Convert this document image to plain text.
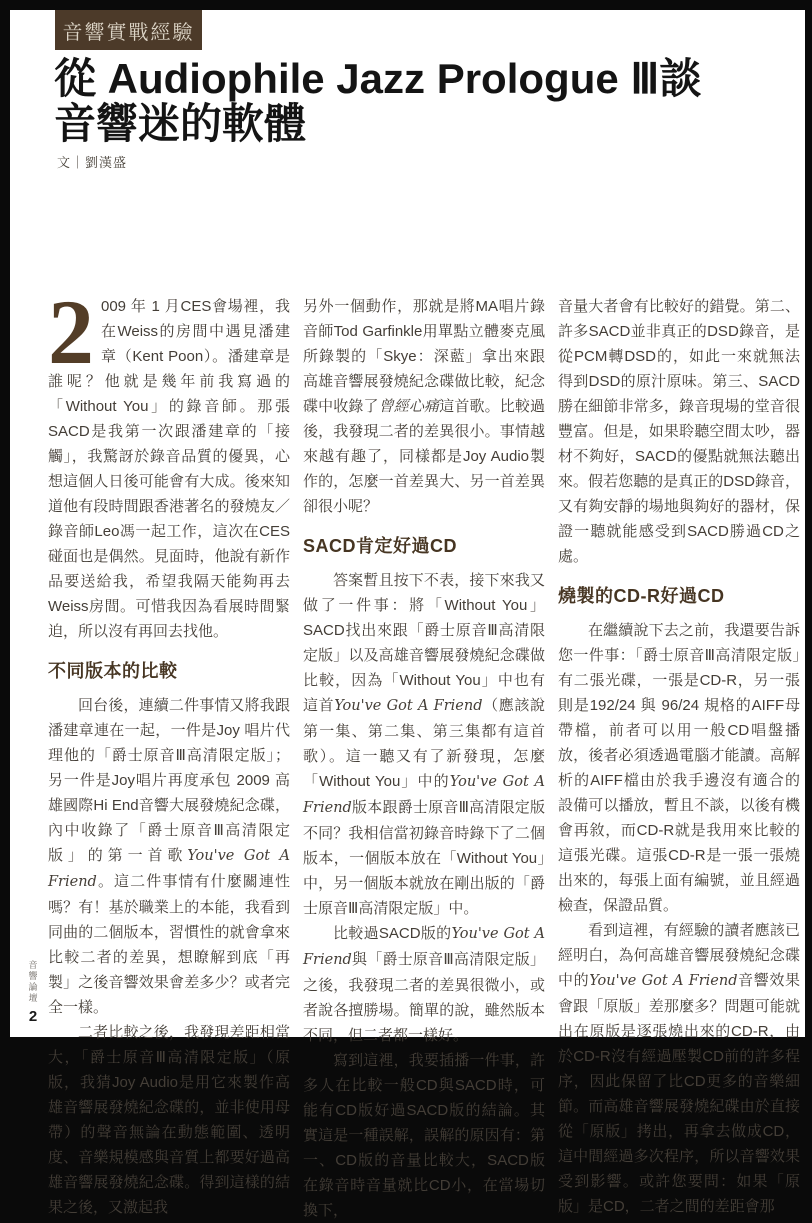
音響實戰經驗
從 Audiophile Jazz Prologue Ⅲ談
音響迷的軟體
文｜劉漢盛

2 009 年 1 月CES會場裡，我在Weiss的房間中遇見潘建章（Kent Poon）。潘建章是誰呢？他就是幾年前我寫過的「Without You」的錄音師。那張SACD是我第一次跟潘建章的「接觸」，我驚訝於錄音品質的優異，心想這個人日後可能會有大成。後來知道他有段時間跟香港著名的發燒友／錄音師Leo馮一起工作，這次在CES碰面也是偶然。見面時，他說有新作品要送給我，希望我隔天能夠再去Weiss房間。可惜我因為看展時間緊迫，所以沒有再回去找他。

不同版本的比較

回台後，連續二件事情又將我跟潘建章連在一起，一件是Joy 唱片代理他的「爵士原音Ⅲ高清限定版」；另一件是Joy唱片再度承包 2009 高雄國際Hi End音響大展發燒紀念碟，內中收錄了「爵士原音Ⅲ高清限定版」的第一首歌You've Got A Friend。這二件事情有什麼關連性嗎？有！基於職業上的本能，我看到同曲的二個版本，習慣性的就會拿來比較二者的差異，想瞭解到底「再製」之後音響效果會差多少？或者完全一樣。

二者比較之後，我發現差距相當大，「爵士原音Ⅲ高清限定版」（原版，我猜Joy Audio是用它來製作高雄音響展發燒紀念碟的，並非使用母帶）的聲音無論在動態範圍、透明度、音樂規模感與音質上都要好過高雄音響展發燒紀念碟。得到這樣的結果之後，又激起我

另外一個動作，那就是將MA唱片錄音師Tod Garfinkle用單點立體麥克風所錄製的「Skye：深藍」拿出來跟高雄音響展發燒紀念碟做比較，紀念碟中收錄了曾經心痛這首歌。比較過後，我發現二者的差異很小。事情越來越有趣了，同樣都是Joy Audio製作的，怎麼一首差異大、另一首差異卻很小呢？

SACD肯定好過CD

答案暫且按下不表，接下來我又做了一件事：將「Without You」SACD找出來跟「爵士原音Ⅲ高清限定版」以及高雄音響展發燒紀念碟做比較，因為「Without You」中也有這首You've Got A Friend（應該說第一集、第二集、第三集都有這首歌）。這一聽又有了新發現，怎麼「Without You」中的You've Got A Friend版本跟爵士原音Ⅲ高清限定版不同？我相信當初錄音時錄下了二個版本，一個版本放在「Without You」中，另一個版本就放在剛出版的「爵士原音Ⅲ高清限定版」中。

比較過SACD版的You've Got A Friend與「爵士原音Ⅲ高清限定版」之後，我發現二者的差異很微小，或者說各擅勝場。簡單的說，雖然版本不同，但二者都一樣好。

寫到這裡，我要插播一件事，許多人在比較一般CD與SACD時，可能有CD版好過SACD版的結論。其實這是一種誤解，誤解的原因有：第一、CD版的音量比較大，SACD版在錄音時音量就比CD小，在當場切換下，

音量大者會有比較好的錯覺。第二、許多SACD並非真正的DSD錄音，是從PCM轉DSD的，如此一來就無法得到DSD的原汁原味。第三、SACD勝在細節非常多，錄音現場的堂音很豐富。但是，如果聆聽空間太吵，器材不夠好，SACD的優點就無法聽出來。假若您聽的是真正的DSD錄音，又有夠安靜的場地與夠好的器材，保證一聽就能感受到SACD勝過CD之處。

燒製的CD-R好過CD

在繼續說下去之前，我還要告訴您一件事：「爵士原音Ⅲ高清限定版」有二張光碟，一張是CD-R，另一張則是192/24 與 96/24 規格的AIFF母帶檔，前者可以用一般CD唱盤播放，後者必須透過電腦才能讀。高解析的AIFF檔由於我手邊沒有適合的設備可以播放，暫且不談，以後有機會再敘，而CD-R就是我用來比較的這張光碟。這張CD-R是一張一張燒出來的，每張上面有編號，並且經過檢查，保證品質。

看到這裡，有經驗的讀者應該已經明白，為何高雄音響展發燒紀念碟中的You've Got A Friend音響效果會跟「原版」差那麼多？問題可能就出在原版是逐張燒出來的CD-R，由於CD-R沒有經過壓製CD前的許多程序，因此保留了比CD更多的音樂細節。而高雄音響展發燒紀碟由於直接從「原版」拷出，再拿去做成CD，這中間經過多次程序，所以音響效果受到影響。或許您要問：如果「原版」是CD，二者之間的差距會那

音響論壇
2
